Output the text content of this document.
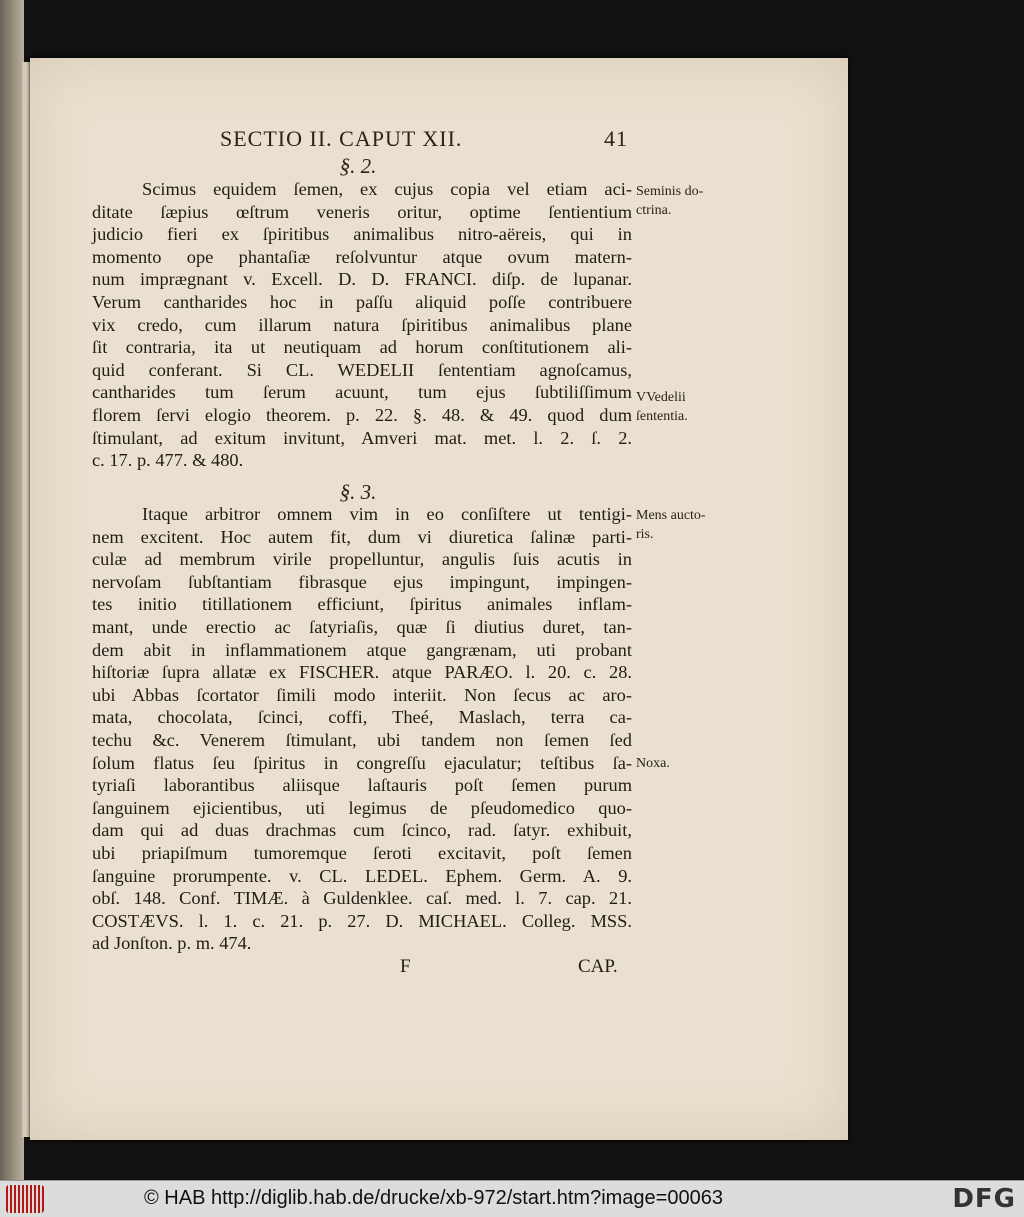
SECTIO II. CAPUT XII.	41
§. 2.
Scimus equidem ſemen, ex cujus copia vel etiam aci-
ditate ſæpius œſtrum veneris oritur, optime ſentientium
judicio fieri ex ſpiritibus animalibus nitro-aëreis, qui in
momento ope phantaſiæ reſolvuntur atque ovum matern-
num imprægnant v. Excell. D. D. FRANCI. diſp. de lupanar.
Verum cantharides hoc in paſſu aliquid poſſe contribuere
vix credo, cum illarum natura ſpiritibus animalibus plane
ſit contraria, ita ut neutiquam ad horum conſtitutionem ali-
quid conferant. Si CL. WEDELII ſententiam agnoſcamus,
cantharides tum ſerum acuunt, tum ejus ſubtiliſſimum
florem ſervi elogio theorem. p. 22. §. 48. & 49. quod dum
ſtimulant, ad exitum invitunt, Amveri mat. met. l. 2. ſ. 2.
c. 17. p. 477. & 480.
§. 3.
Itaque arbitror omnem vim in eo conſiſtere ut tentigi-
nem excitent. Hoc autem fit, dum vi diuretica ſalinæ parti-
culæ ad membrum virile propelluntur, angulis ſuis acutis in
nervoſam ſubſtantiam fibrasque ejus impingunt, impingen-
tes initio titillationem efficiunt, ſpiritus animales inflam-
mant, unde erectio ac ſatyriaſis, quæ ſi diutius duret, tan-
dem abit in inflammationem atque gangrænam, uti probant
hiſtoriæ ſupra allatæ ex FISCHER. atque PARÆO. l. 20. c. 28.
ubi Abbas ſcortator ſimili modo interiit. Non ſecus ac aro-
mata, chocolata, ſcinci, coffi, Theé, Maslach, terra ca-
techu &c. Venerem ſtimulant, ubi tandem non ſemen ſed
ſolum flatus ſeu ſpiritus in congreſſu ejaculatur; teſtibus ſa-
tyriaſi laborantibus aliisque laſtauris poſt ſemen purum
ſanguinem ejicientibus, uti legimus de pſeudomedico quo-
dam qui ad duas drachmas cum ſcinco, rad. ſatyr. exhibuit,
ubi priapiſmum tumoremque ſeroti excitavit, poſt ſemen
ſanguine prorumpente. v. CL. LEDEL. Ephem. Germ. A. 9.
obſ. 148. Conf. TIMÆ. à Guldenklee. caſ. med. l. 7. cap. 21.
COSTÆVS. l. 1. c. 21. p. 27. D. MICHAEL. Colleg. MSS.
ad Jonſton. p. m. 474.
Seminis do-
ctrina.
VVedelii
ſententia.
Mens aucto-
ris.
Noxa.
F	CAP.
© HAB http://diglib.hab.de/drucke/xb-972/start.htm?image=00063	DFG
